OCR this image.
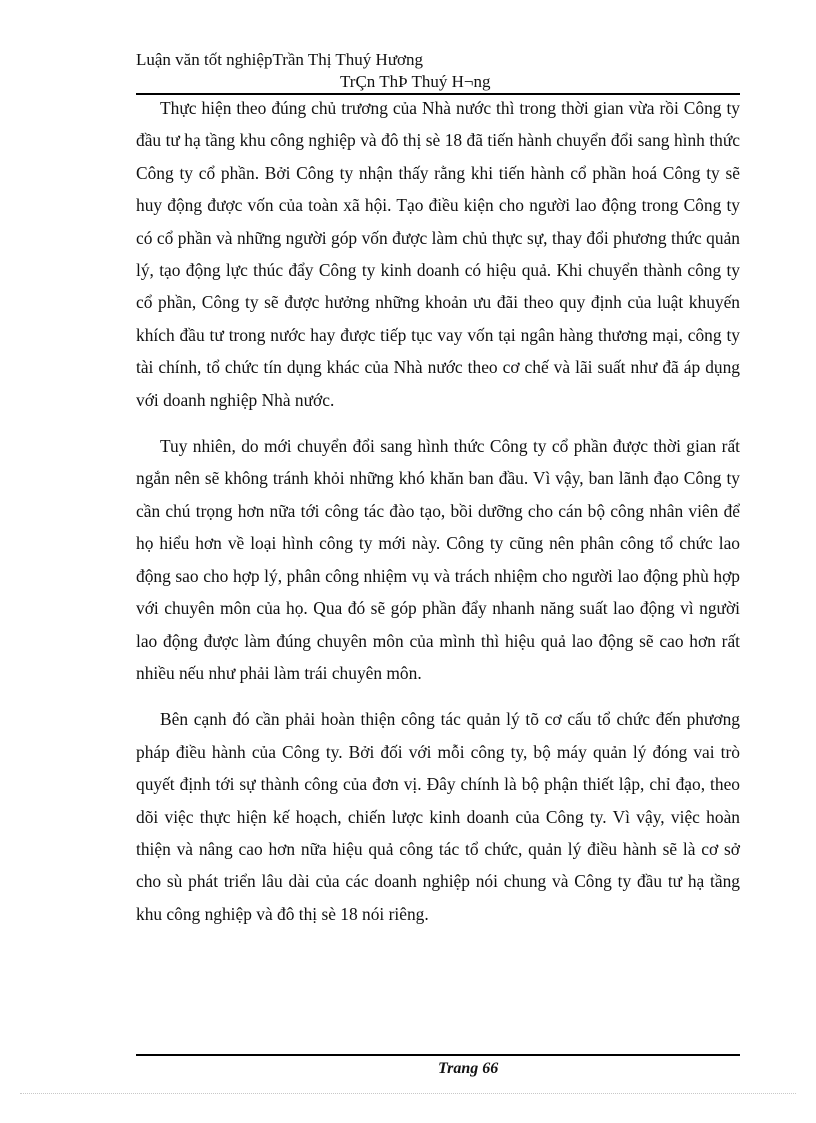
Luận văn tốt nghiệpTrần Thị Thuý Hương
TrÇn ThÞ Thuý H¬ng

Thực hiện theo đúng chủ trương của Nhà nước thì trong thời gian vừa rồi Công ty đầu tư hạ tầng khu công nghiệp và đô thị sè 18 đã tiến hành chuyển đổi sang hình thức Công ty cổ phần. Bởi Công ty nhận thấy rằng khi tiến hành cổ phần hoá Công ty sẽ huy động được vốn của toàn xã hội. Tạo điều kiện cho người lao động trong Công ty có cổ phần và những người góp vốn được làm chủ thực sự, thay đổi phương thức quản lý, tạo động lực thúc đẩy Công ty kinh doanh có hiệu quả. Khi chuyển thành công ty cổ phần, Công ty sẽ được hưởng những khoản ưu đãi theo quy định của luật khuyến khích đầu tư trong nước hay được tiếp tục vay vốn tại ngân hàng thương mại, công ty tài chính, tổ chức tín dụng khác của Nhà nước theo cơ chế và lãi suất như đã áp dụng với doanh nghiệp Nhà nước.

Tuy nhiên, do mới chuyển đổi sang hình thức Công ty cổ phần được thời gian rất ngắn nên sẽ không tránh khỏi những khó khăn ban đầu. Vì vậy, ban lãnh đạo Công ty cần chú trọng hơn nữa tới công tác đào tạo, bồi dưỡng cho cán bộ công nhân viên để họ hiểu hơn về loại hình công ty mới này. Công ty cũng nên phân công tổ chức lao động sao cho hợp lý, phân công nhiệm vụ và trách nhiệm cho người lao động phù hợp với chuyên môn của họ. Qua đó sẽ góp phần đẩy nhanh năng suất lao động vì người lao động được làm đúng chuyên môn của mình thì hiệu quả lao động sẽ cao hơn rất nhiều nếu như phải làm trái chuyên môn.

Bên cạnh đó cần phải hoàn thiện công tác quản lý tõ cơ cấu tổ chức đến phương pháp điều hành của Công ty. Bởi đối với mỗi công ty, bộ máy quản lý đóng vai trò quyết định tới sự thành công của đơn vị. Đây chính là bộ phận thiết lập, chỉ đạo, theo dõi việc thực hiện kế hoạch, chiến lược kinh doanh của Công ty. Vì vậy, việc hoàn thiện và nâng cao hơn nữa hiệu quả công tác tổ chức, quản lý điều hành sẽ là cơ sở cho sù phát triển lâu dài của các doanh nghiệp nói chung và Công ty đầu tư hạ tầng khu công nghiệp và đô thị sè 18 nói riêng.

Trang 66
